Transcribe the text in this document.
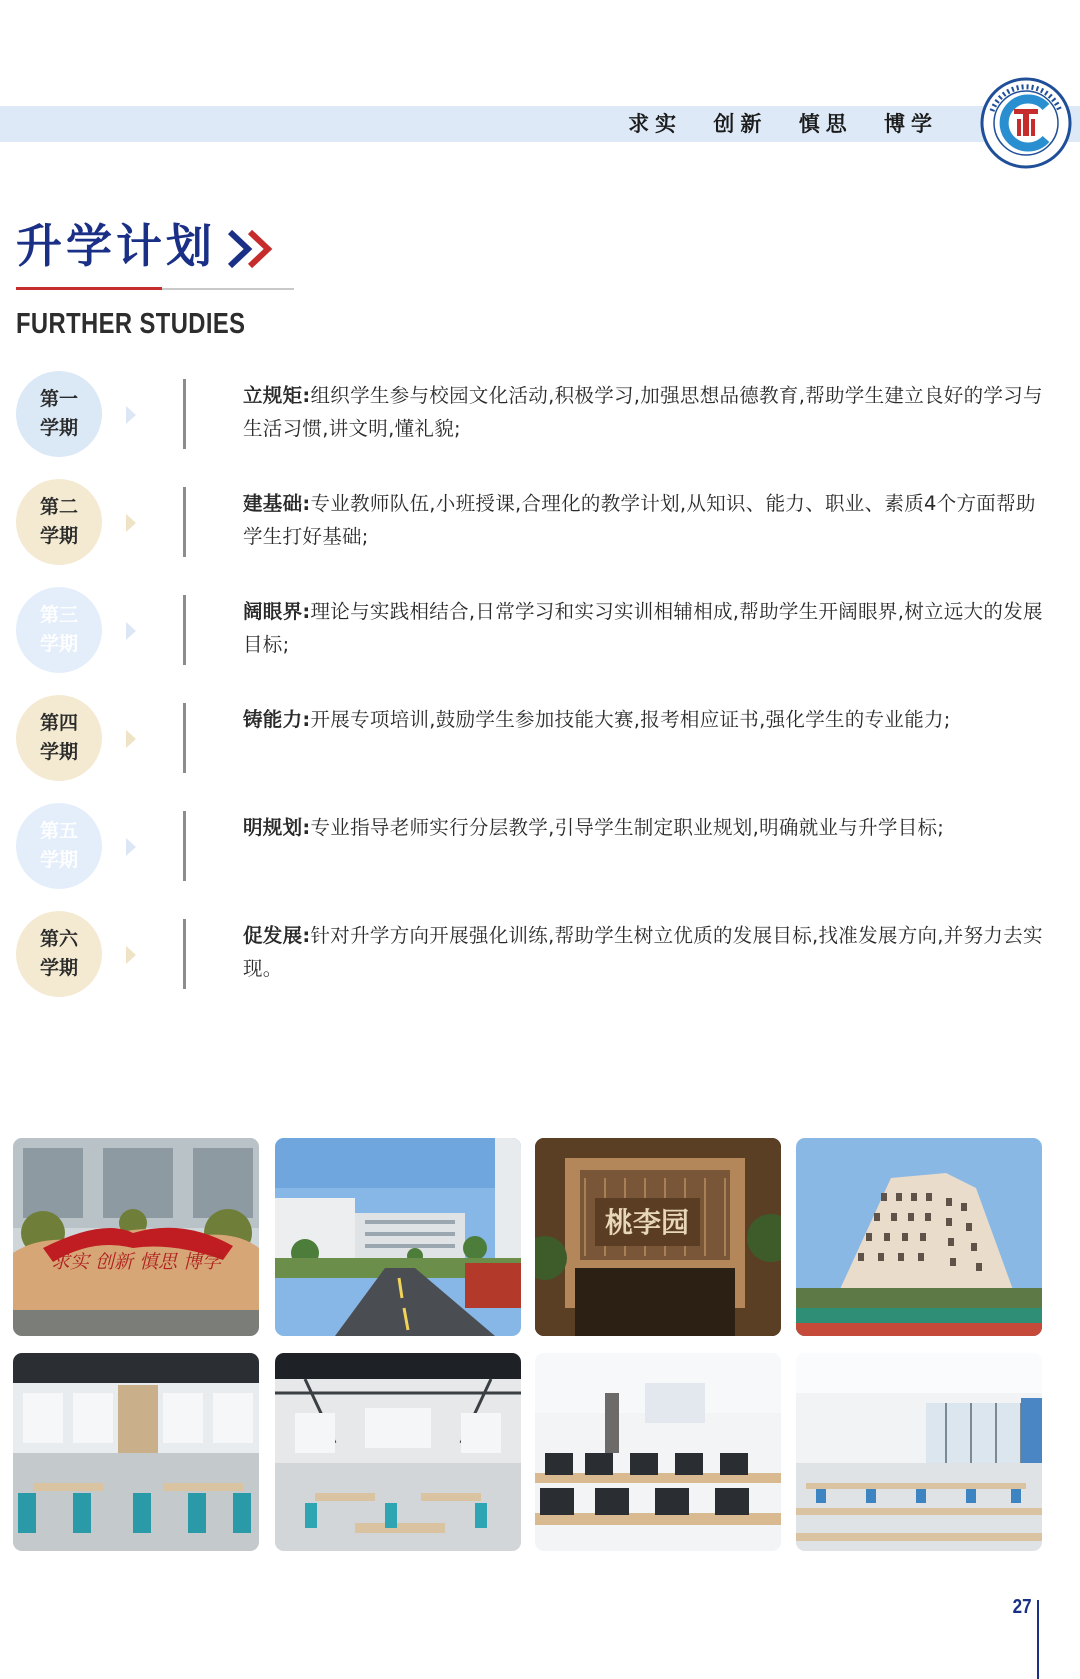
求实 创新 慎思 博学
升学计划
FURTHER STUDIES
第一
学期
立规矩:组织学生参与校园文化活动,积极学习,加强思想品德教育,帮助学生建立良好的学习与生活习惯,讲文明,懂礼貌;
第二
学期
建基础:专业教师队伍,小班授课,合理化的教学计划,从知识、能力、职业、素质4个方面帮助学生打好基础;
第三
学期
阔眼界:理论与实践相结合,日常学习和实习实训相辅相成,帮助学生开阔眼界,树立远大的发展目标;
第四
学期
铸能力:开展专项培训,鼓励学生参加技能大赛,报考相应证书,强化学生的专业能力;
第五
学期
明规划:专业指导老师实行分层教学,引导学生制定职业规划,明确就业与升学目标;
第六
学期
促发展:针对升学方向开展强化训练,帮助学生树立优质的发展目标,找准发展方向,并努力去实现。
求实 创新 慎思 博学
桃李园
27
